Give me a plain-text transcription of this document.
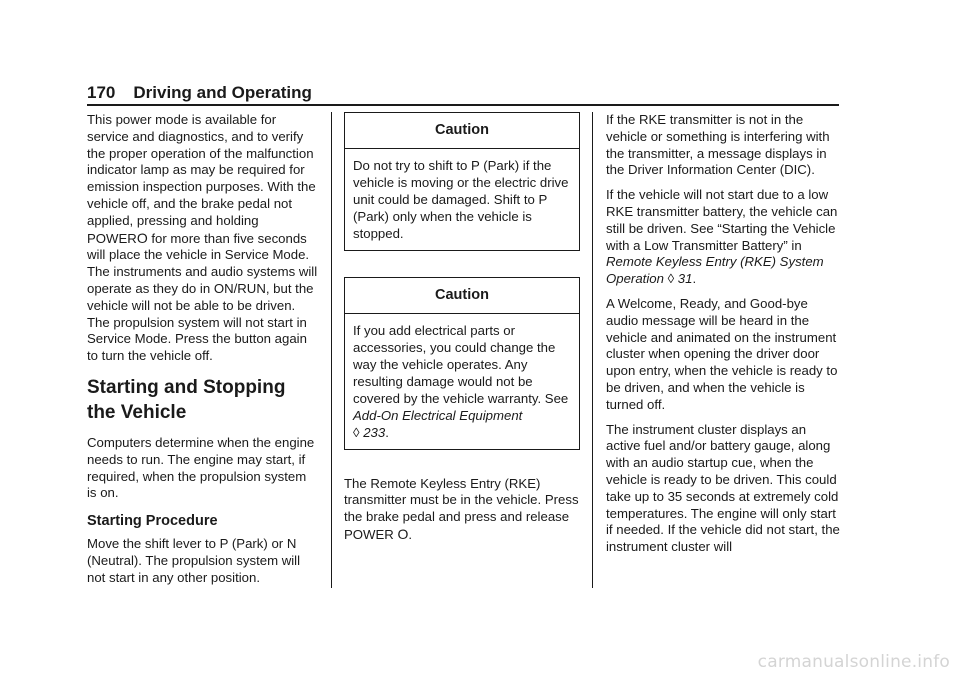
170 Driving and Operating

This power mode is available for service and diagnostics, and to verify the proper operation of the malfunction indicator lamp as may be required for emission inspection purposes. With the vehicle off, and the brake pedal not applied, pressing and holding POWERO for more than five seconds will place the vehicle in Service Mode. The instruments and audio systems will operate as they do in ON/RUN, but the vehicle will not be able to be driven. The propulsion system will not start in Service Mode. Press the button again to turn the vehicle off.

Starting and Stopping the Vehicle

Computers determine when the engine needs to run. The engine may start, if required, when the propulsion system is on.

Starting Procedure

Move the shift lever to P (Park) or N (Neutral). The propulsion system will not start in any other position.

Caution
Do not try to shift to P (Park) if the vehicle is moving or the electric drive unit could be damaged. Shift to P (Park) only when the vehicle is stopped.
Caution
If you add electrical parts or accessories, you could change the way the vehicle operates. Any resulting damage would not be covered by the vehicle warranty. See Add-On Electrical Equipment
◊ 233.

The Remote Keyless Entry (RKE) transmitter must be in the vehicle. Press the brake pedal and press and release POWER O.

If the RKE transmitter is not in the vehicle or something is interfering with the transmitter, a message displays in the Driver Information Center (DIC).

If the vehicle will not start due to a low RKE transmitter battery, the vehicle can still be driven. See “Starting the Vehicle with a Low Transmitter Battery” in Remote Keyless Entry (RKE) System Operation ◊ 31.

A Welcome, Ready, and Good-bye audio message will be heard in the vehicle and animated on the instrument cluster when opening the driver door upon entry, when the vehicle is ready to be driven, and when the vehicle is turned off.

The instrument cluster displays an active fuel and/or battery gauge, along with an audio startup cue, when the vehicle is ready to be driven. This could take up to 35 seconds at extremely cold temperatures. The engine will only start if needed. If the vehicle did not start, the instrument cluster will

carmanualsonline.info
